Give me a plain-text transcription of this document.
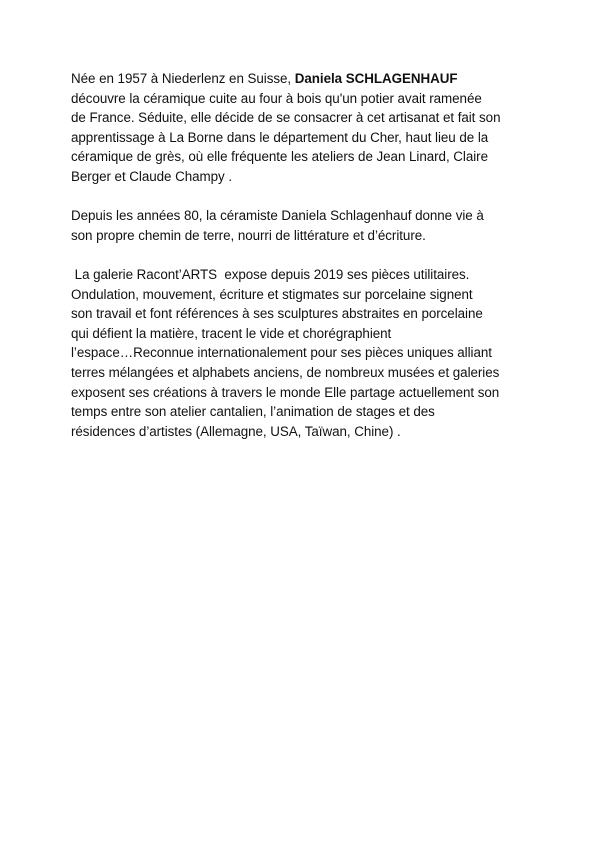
Née en 1957 à Niederlenz en Suisse, Daniela SCHLAGENHAUF
découvre la céramique cuite au four à bois qu'un potier avait ramenée
de France. Séduite, elle décide de se consacrer à cet artisanat et fait son
apprentissage à La Borne dans le département du Cher, haut lieu de la
céramique de grès, où elle fréquente les ateliers de Jean Linard, Claire
Berger et Claude Champy .
Depuis les années 80, la céramiste Daniela Schlagenhauf donne vie à
son propre chemin de terre, nourri de littérature et d’écriture.
La galerie Racont’ARTS  expose depuis 2019 ses pièces utilitaires.
Ondulation, mouvement, écriture et stigmates sur porcelaine signent
son travail et font références à ses sculptures abstraites en porcelaine
qui défient la matière, tracent le vide et chorégraphient
l’espace…Reconnue internationalement pour ses pièces uniques alliant
terres mélangées et alphabets anciens, de nombreux musées et galeries
exposent ses créations à travers le monde Elle partage actuellement son
temps entre son atelier cantalien, l’animation de stages et des
résidences d’artistes (Allemagne, USA, Taïwan, Chine) .
